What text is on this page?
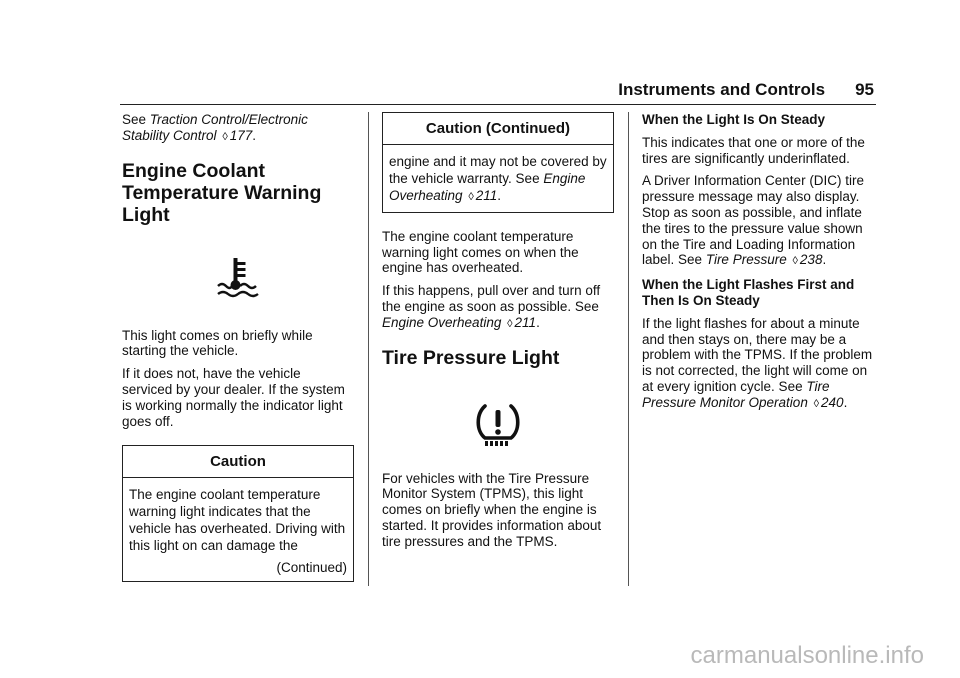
Instruments and Controls 95

See Traction Control/Electronic Stability Control ◊ 177.

Engine Coolant Temperature Warning Light

This light comes on briefly while starting the vehicle.

If it does not, have the vehicle serviced by your dealer. If the system is working normally the indicator light goes off.

Caution
The engine coolant temperature warning light indicates that the vehicle has overheated. Driving with this light on can damage the
(Continued)
Caution (Continued)
engine and it may not be covered by the vehicle warranty. See Engine Overheating ◊ 211.

The engine coolant temperature warning light comes on when the engine has overheated.

If this happens, pull over and turn off the engine as soon as possible. See Engine Overheating ◊ 211.

Tire Pressure Light

For vehicles with the Tire Pressure Monitor System (TPMS), this light comes on briefly when the engine is started. It provides information about tire pressures and the TPMS.

When the Light Is On Steady

This indicates that one or more of the tires are significantly underinflated.

A Driver Information Center (DIC) tire pressure message may also display. Stop as soon as possible, and inflate the tires to the pressure value shown on the Tire and Loading Information label. See Tire Pressure ◊ 238.

When the Light Flashes First and Then Is On Steady

If the light flashes for about a minute and then stays on, there may be a problem with the TPMS. If the problem is not corrected, the light will come on at every ignition cycle. See Tire Pressure Monitor Operation ◊ 240.

carmanualsonline.info
